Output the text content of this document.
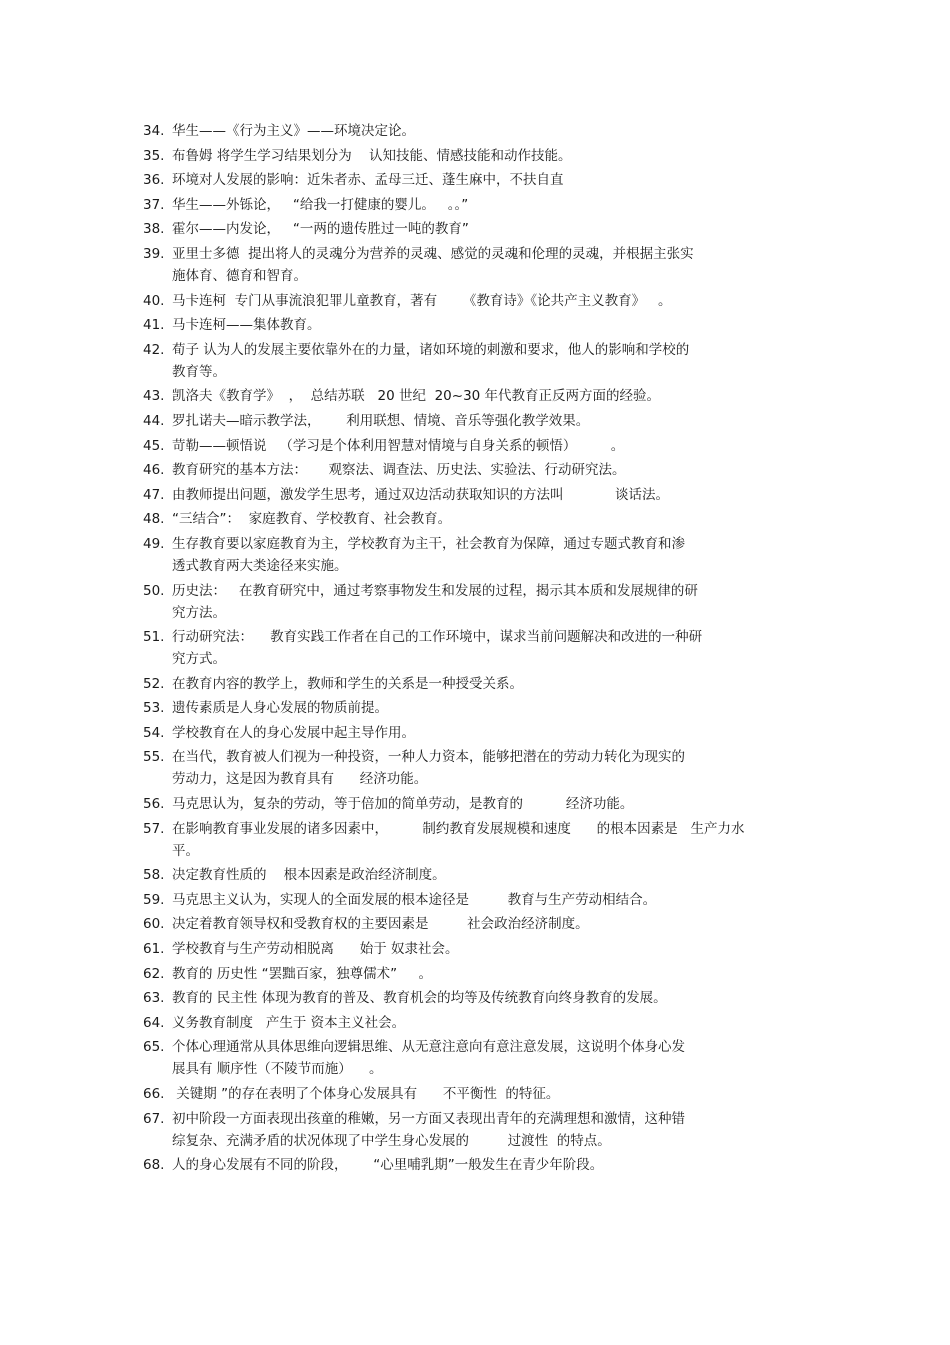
34. 华生——《行为主义》——环境决定论。
35. 布鲁姆 将学生学习结果划分为    认知技能、情感技能和动作技能。
36. 环境对人发展的影响：近朱者赤、孟母三迁、蓬生麻中，不扶自直
37. 华生——外铄论，   “给我一打健康的婴儿。   。。”
38. 霍尔——内发论，   “一两的遗传胜过一吨的教育”
39. 亚里士多德  提出将人的灵魂分为营养的灵魂、感觉的灵魂和伦理的灵魂，并根据主张实
施体育、德育和智育。
40. 马卡连柯  专门从事流浪犯罪儿童教育，著有      《教育诗》《论共产主义教育》   。
41. 马卡连柯——集体教育。
42. 荀子 认为人的发展主要依靠外在的力量，诸如环境的刺激和要求，他人的影响和学校的
教育等。
43. 凯洛夫《教育学》  ，  总结苏联   20 世纪  20~30 年代教育正反两方面的经验。
44. 罗扎诺夫—暗示教学法，      利用联想、情境、音乐等强化教学效果。
45. 苛勒——顿悟说   （学习是个体利用智慧对情境与自身关系的顿悟）        。
46. 教育研究的基本方法：     观察法、调查法、历史法、实验法、行动研究法。
47. 由教师提出问题，激发学生思考，通过双边活动获取知识的方法叫            谈话法。
48. “三结合”：  家庭教育、学校教育、社会教育。
49. 生存教育要以家庭教育为主，学校教育为主干，社会教育为保障，通过专题式教育和渗
透式教育两大类途径来实施。
50. 历史法：   在教育研究中，通过考察事物发生和发展的过程，揭示其本质和发展规律的研
究方法。
51. 行动研究法：    教育实践工作者在自己的工作环境中，谋求当前问题解决和改进的一种研
究方式。
52. 在教育内容的教学上，教师和学生的关系是一种授受关系。
53. 遗传素质是人身心发展的物质前提。
54. 学校教育在人的身心发展中起主导作用。
55. 在当代，教育被人们视为一种投资，一种人力资本，能够把潜在的劳动力转化为现实的
劳动力，这是因为教育具有      经济功能。
56. 马克思认为，复杂的劳动，等于倍加的简单劳动，是教育的          经济功能。
57. 在影响教育事业发展的诸多因素中，        制约教育发展规模和速度      的根本因素是   生产力水
平。
58. 决定教育性质的    根本因素是政治经济制度。
59. 马克思主义认为，实现人的全面发展的根本途径是         教育与生产劳动相结合。
60. 决定着教育领导权和受教育权的主要因素是         社会政治经济制度。
61. 学校教育与生产劳动相脱离      始于 奴隶社会。
62. 教育的 历史性 “罢黜百家，独尊儒术”     。
63. 教育的 民主性 体现为教育的普及、教育机会的均等及传统教育向终身教育的发展。
64. 义务教育制度   产生于 资本主义社会。
65. 个体心理通常从具体思维向逻辑思维、从无意注意向有意注意发展，这说明个体身心发
展具有 顺序性（不陵节而施）    。
66. 关键期 ”的存在表明了个体身心发展具有      不平衡性  的特征。
67. 初中阶段一方面表现出孩童的稚嫩，另一方面又表现出青年的充满理想和激情，这种错
综复杂、充满矛盾的状况体现了中学生身心发展的         过渡性  的特点。
68. 人的身心发展有不同的阶段，      “心里哺乳期”一般发生在青少年阶段。
